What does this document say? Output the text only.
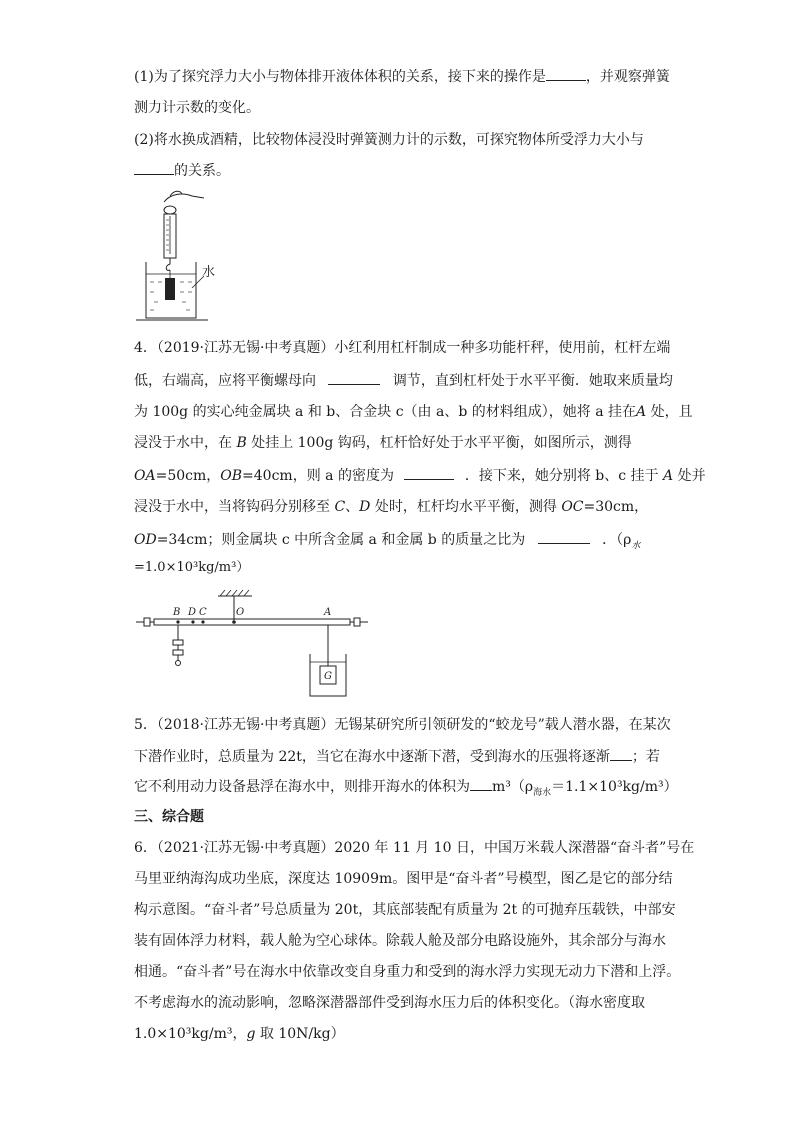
(1)为了探究浮力大小与物体排开液体体积的关系，接下来的操作是	，并观察弹簧
测力计示数的变化。
(2)将水换成酒精，比较物体浸没时弹簧测力计的示数，可探究物体所受浮力大小与
的关系。
水
4．（2019·江苏无锡·中考真题）小红利用杠杆制成一种多功能杆秤，使用前，杠杆左端
低，右端高，应将平衡螺母向	调节，直到杠杆处于水平平衡．她取来质量均
为 100g 的实心纯金属块 a 和 b、合金块 c（由 a、b 的材料组成），她将 a 挂在A 处，且
浸没于水中，在 B 处挂上 100g 钩码，杠杆恰好处于水平平衡，如图所示，测得
OA=50cm，OB=40cm，则 a 的密度为	．接下来，她分别将 b、c 挂于 A 处并
浸没于水中，当将钩码分别移至 C、D 处时，杠杆均水平平衡，测得 OC=30cm，
OD=34cm；则金属块 c 中所含金属 a 和金属 b 的质量之比为	．（$\rho_水$
=1.0×10³kg/m³）
B D C	O	A
G
5．（2018·江苏无锡·中考真题）无锡某研究所引领研发的“蛟龙号”载人潜水器，在某次
下潜作业时，总质量为 22t，当它在海水中逐渐下潜，受到海水的压强将逐渐 ；若
它不利用动力设备悬浮在海水中，则排开海水的体积为 $m^3(\rho_{海水}=1.1\times 10^3kg/m^3)$
三、综合题
6．（2021·江苏无锡·中考真题）2020 年 11 月 10 日，中国万米载人深潜器“奋斗者”号在
马里亚纳海沟成功坐底，深度达 10909m。图甲是“奋斗者”号模型，图乙是它的部分结
构示意图。“奋斗者”号总质量为 20t，其底部装配有质量为 2t 的可抛弃压载铁，中部安
装有固体浮力材料，载人舱为空心球体。除载人舱及部分电路设施外，其余部分与海水
相通。“奋斗者”号在海水中依靠改变自身重力和受到的海水浮力实现无动力下潜和上浮。
不考虑海水的流动影响，忽略深潜器部件受到海水压力后的体积变化。（海水密度取
1.0×10³kg/m³，g 取 10N/kg）
